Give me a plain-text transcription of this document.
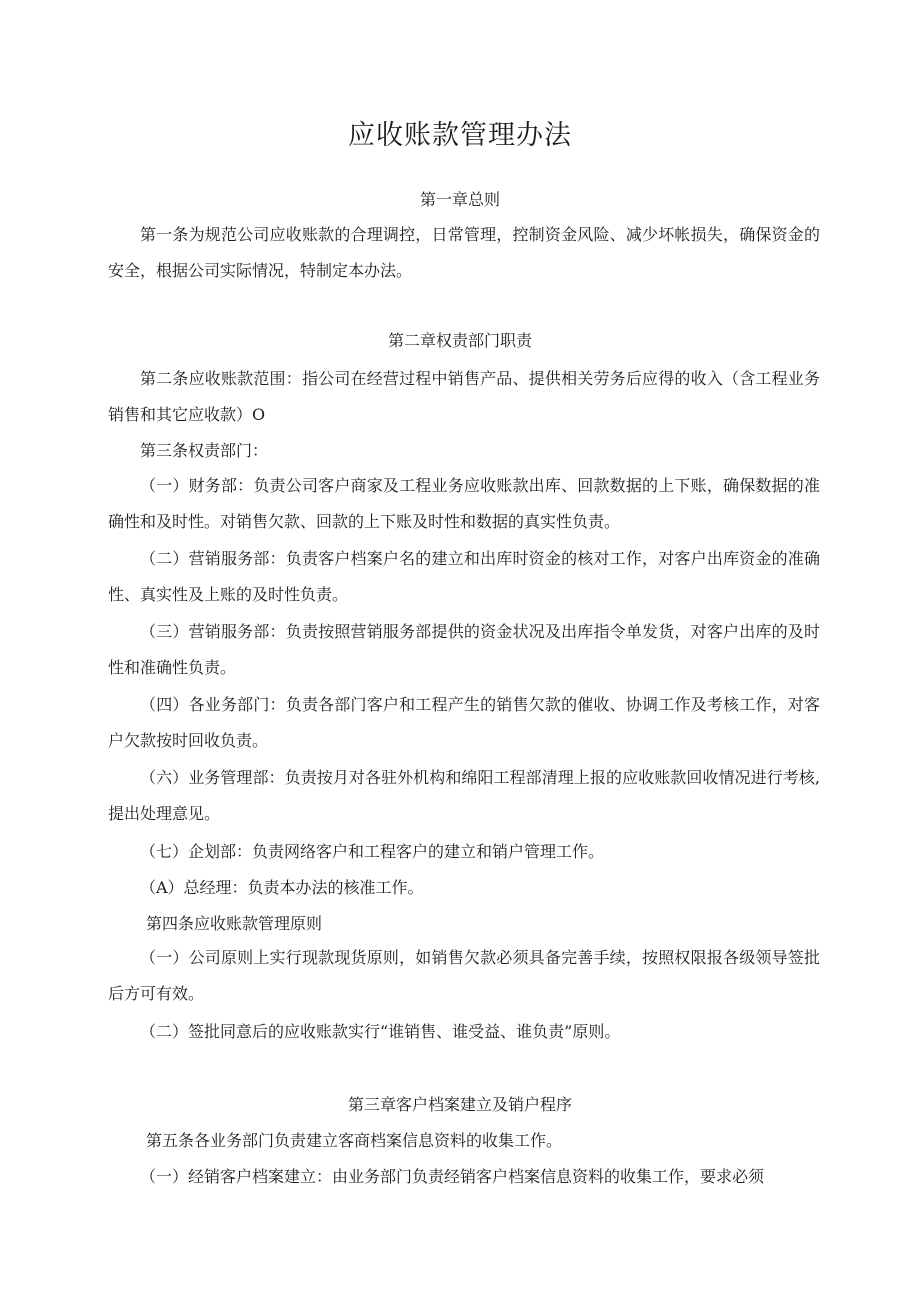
应收账款管理办法
第一章总则
第一条为规范公司应收账款的合理调控，日常管理，控制资金风险、减少坏帐损失，确保资金的安全，根据公司实际情况，特制定本办法。
第二章权责部门职责
第二条应收账款范围：指公司在经营过程中销售产品、提供相关劳务后应得的收入（含工程业务销售和其它应收款）O
第三条权责部门：
（一）财务部：负责公司客户商家及工程业务应收账款出库、回款数据的上下账，确保数据的准确性和及时性。对销售欠款、回款的上下账及时性和数据的真实性负责。
（二）营销服务部：负责客户档案户名的建立和出库时资金的核对工作，对客户出库资金的准确性、真实性及上账的及时性负责。
（三）营销服务部：负责按照营销服务部提供的资金状况及出库指令单发货，对客户出库的及时性和准确性负责。
（四）各业务部门：负责各部门客户和工程产生的销售欠款的催收、协调工作及考核工作，对客户欠款按时回收负责。
（六）业务管理部：负责按月对各驻外机构和绵阳工程部清理上报的应收账款回收情况进行考核,提出处理意见。
（七）企划部：负责网络客户和工程客户的建立和销户管理工作。
（A）总经理：负责本办法的核准工作。
第四条应收账款管理原则
（一）公司原则上实行现款现货原则，如销售欠款必须具备完善手续，按照权限报各级领导签批后方可有效。
（二）签批同意后的应收账款实行“谁销售、谁受益、谁负责”原则。
第三章客户档案建立及销户程序
第五条各业务部门负责建立客商档案信息资料的收集工作。
（一）经销客户档案建立：由业务部门负责经销客户档案信息资料的收集工作，要求必须
